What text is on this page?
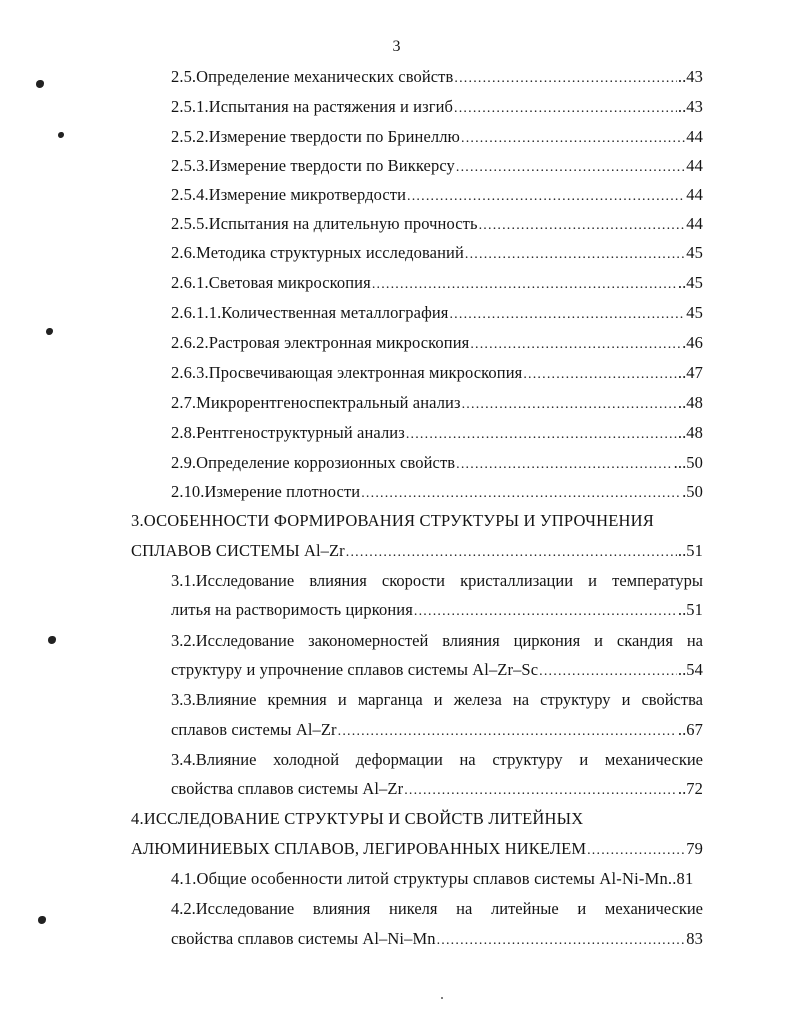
3
2.5.Определение механических свойств .....	..43
2.5.1.Испытания на растяжения и изгиб .....	..43
2.5.2.Измерение твердости по Бринеллю .....	44
2.5.3.Измерение твердости по Виккерсу .....	44
2.5.4.Измерение микротвердости .....	44
2.5.5.Испытания на длительную прочность .....	44
2.6.Методика структурных исследований .....	45
2.6.1.Световая микроскопия .....	..45
2.6.1.1.Количественная металлография .....	45
2.6.2.Растровая электронная микроскопия .....	.46
2.6.3.Просвечивающая электронная микроскопия .....	..47
2.7.Микрорентгеноспектральный анализ .....	..48
2.8.Рентгеноструктурный анализ .....	..48
2.9.Определение коррозионных свойств .....	...50
2.10.Измерение плотности .....	.50
3.ОСОБЕННОСТИ ФОРМИРОВАНИЯ СТРУКТУРЫ И УПРОЧНЕНИЯ
СПЛАВОВ СИСТЕМЫ Al–Zr .....	..51
3.1.Исследование влияния скорости кристаллизации и температуры
литья на растворимость циркония .....	..51
3.2.Исследование закономерностей влияния циркония и скандия на
структуру и упрочнение сплавов системы Al–Zr–Sc .....	..54
3.3.Влияние кремния и марганца и железа на структуру и свойства
сплавов системы Al–Zr .....	..67
3.4.Влияние холодной деформации на структуру и механические
свойства сплавов системы Al–Zr .....	..72
4.ИССЛЕДОВАНИЕ СТРУКТУРЫ И СВОЙСТВ ЛИТЕЙНЫХ
АЛЮМИНИЕВЫХ СПЛАВОВ, ЛЕГИРОВАННЫХ НИКЕЛЕМ .....	79
4.1.Общие особенности литой структуры сплавов системы Al-Ni-Mn..81
4.2.Исследование влияния никеля на литейные и механические
свойства сплавов системы Al–Ni–Mn .....	83
